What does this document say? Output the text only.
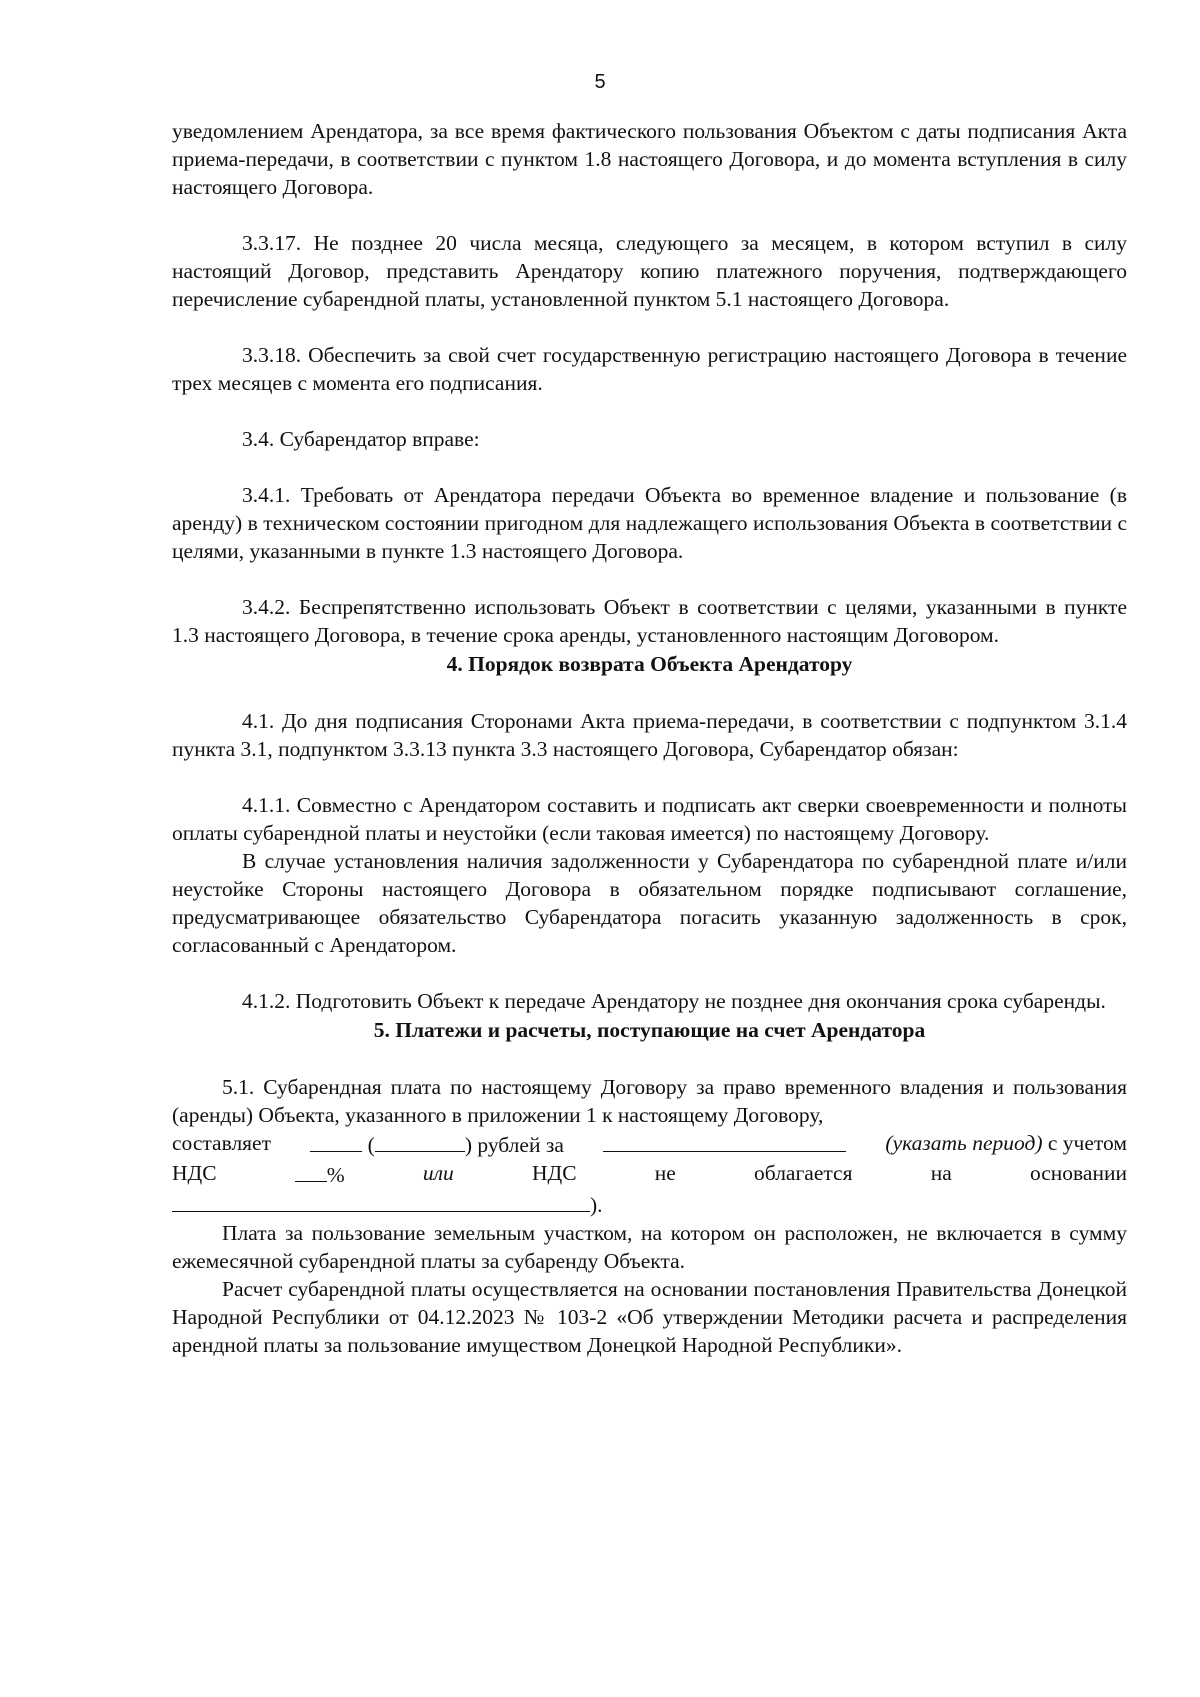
5

уведомлением Арендатора, за все время фактического пользования Объектом с даты подписания Акта приема-передачи, в соответствии с пунктом 1.8 настоящего Договора, и до момента вступления в силу настоящего Договора.

3.3.17. Не позднее 20 числа месяца, следующего за месяцем, в котором вступил в силу настоящий Договор, представить Арендатору копию платежного поручения, подтверждающего перечисление субарендной платы, установленной пунктом 5.1 настоящего Договора.

3.3.18. Обеспечить за свой счет государственную регистрацию настоящего Договора в течение трех месяцев с момента его подписания.

3.4. Субарендатор вправе:

3.4.1. Требовать от Арендатора передачи Объекта во временное владение и пользование (в аренду) в техническом состоянии пригодном для надлежащего использования Объекта в соответствии с целями, указанными в пункте 1.3 настоящего Договора.

3.4.2. Беспрепятственно использовать Объект в соответствии с целями, указанными в пункте 1.3 настоящего Договора, в течение срока аренды, установленного настоящим Договором.

4. Порядок возврата Объекта Арендатору

4.1. До дня подписания Сторонами Акта приема-передачи, в соответствии с подпунктом 3.1.4 пункта 3.1, подпунктом 3.3.13 пункта 3.3 настоящего Договора, Субарендатор обязан:

4.1.1. Совместно с Арендатором составить и подписать акт сверки своевременности и полноты оплаты субарендной платы и неустойки (если таковая имеется) по настоящему Договору.

В случае установления наличия задолженности у Субарендатора по субарендной плате и/или неустойке Стороны настоящего Договора в обязательном порядке подписывают соглашение, предусматривающее обязательство Субарендатора погасить указанную задолженность в срок, согласованный с Арендатором.

4.1.2. Подготовить Объект к передаче Арендатору не позднее дня окончания срока субаренды.

5. Платежи и расчеты, поступающие на счет Арендатора

5.1. Субарендная плата по настоящему Договору за право временного владения и пользования (аренды) Объекта, указанного в приложении 1 к настоящему Договору,

составляет	(	) рублей за	(указать период) с учетом
НДС	%	или	НДС	не	облагается	на	основании
).

Плата за пользование земельным участком, на котором он расположен, не включается в сумму ежемесячной субарендной платы за субаренду Объекта.

Расчет субарендной платы осуществляется на основании постановления Правительства Донецкой Народной Республики от 04.12.2023 № 103-2 «Об утверждении Методики расчета и распределения арендной платы за пользование имуществом Донецкой Народной Республики».
